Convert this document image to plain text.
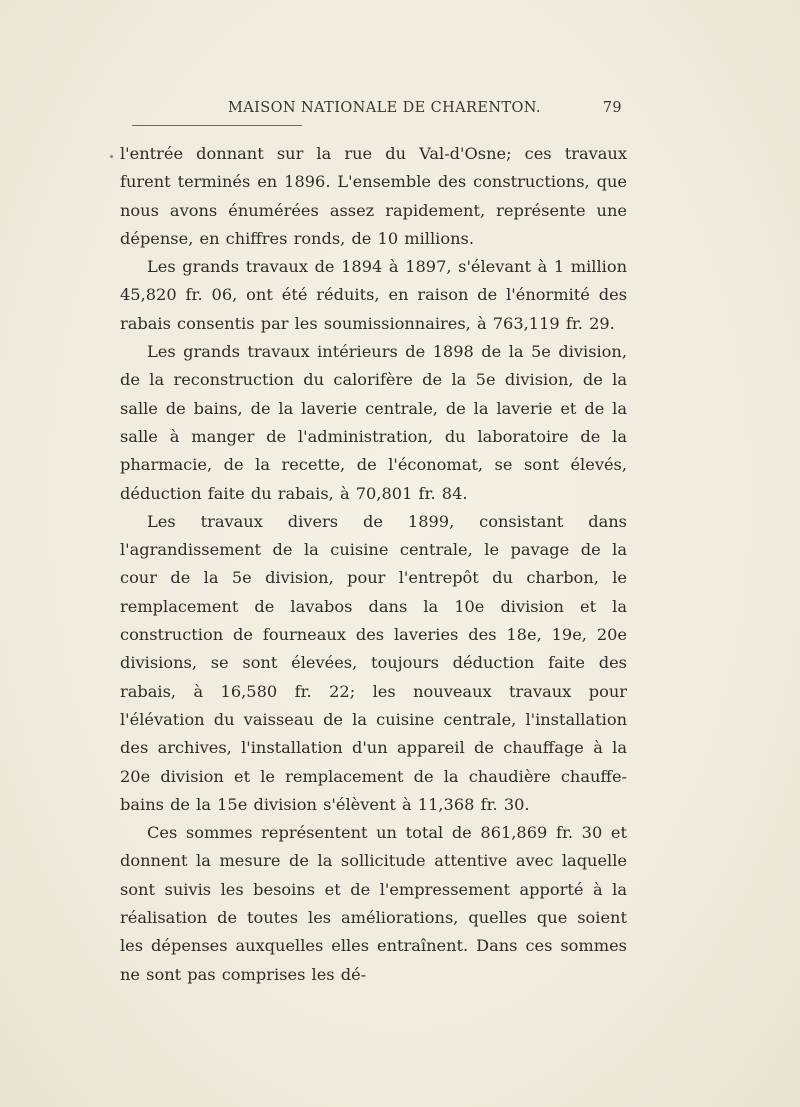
MAISON NATIONALE DE CHARENTON.	79

l'entrée donnant sur la rue du Val-d'Osne; ces travaux furent terminés en 1896. L'ensemble des constructions, que nous avons énumérées assez rapidement, représente une dépense, en chiffres ronds, de 10 millions.

Les grands travaux de 1894 à 1897, s'élevant à 1 million 45,820 fr. 06, ont été réduits, en raison de l'énormité des rabais consentis par les soumissionnaires, à 763,119 fr. 29.

Les grands travaux intérieurs de 1898 de la 5e division, de la reconstruction du calorifère de la 5e division, de la salle de bains, de la laverie centrale, de la laverie et de la salle à manger de l'administration, du laboratoire de la pharmacie, de la recette, de l'économat, se sont élevés, déduction faite du rabais, à 70,801 fr. 84.

Les travaux divers de 1899, consistant dans l'agrandissement de la cuisine centrale, le pavage de la cour de la 5e division, pour l'entrepôt du charbon, le remplacement de lavabos dans la 10e division et la construction de fourneaux des laveries des 18e, 19e, 20e divisions, se sont élevées, toujours déduction faite des rabais, à 16,580 fr. 22; les nouveaux travaux pour l'élévation du vaisseau de la cuisine centrale, l'installation des archives, l'installation d'un appareil de chauffage à la 20e division et le remplacement de la chaudière chauffe-bains de la 15e division s'élèvent à 11,368 fr. 30.

Ces sommes représentent un total de 861,869 fr. 30 et donnent la mesure de la sollicitude attentive avec laquelle sont suivis les besoins et de l'empressement apporté à la réalisation de toutes les améliorations, quelles que soient les dépenses auxquelles elles entraînent. Dans ces sommes ne sont pas comprises les dé-
